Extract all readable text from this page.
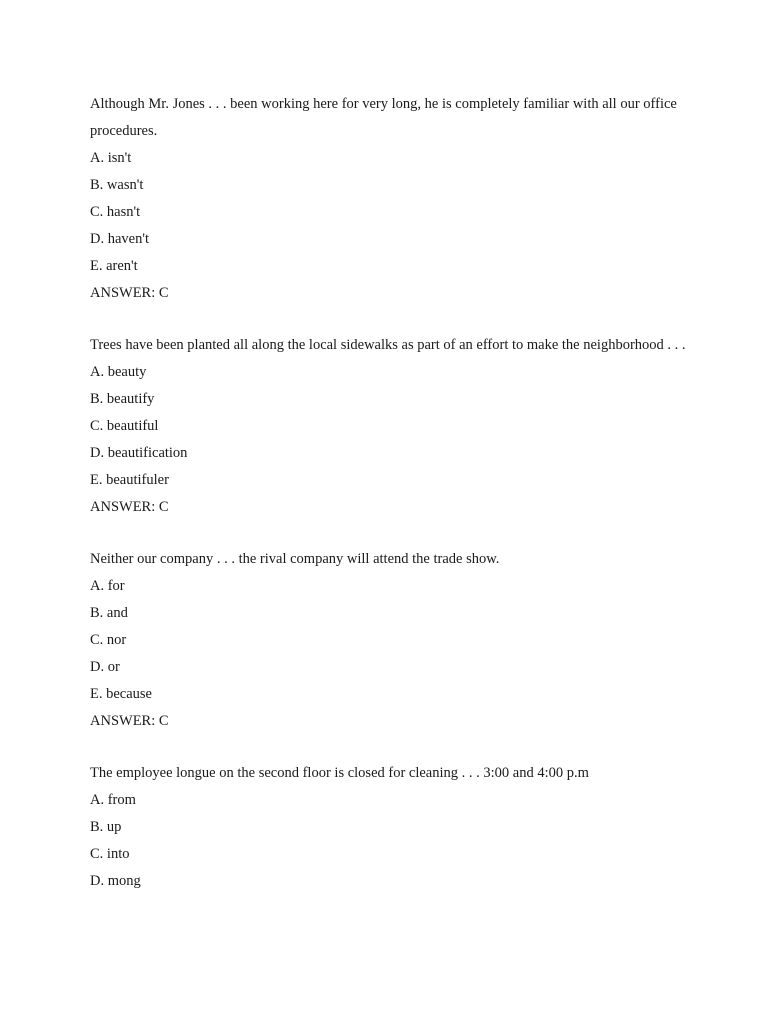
Although Mr. Jones . . . been working here for very long, he is completely familiar with all our office procedures.

A. isn't

B. wasn't

C. hasn't

D. haven't

E. aren't

ANSWER: C

Trees have been planted all along the local sidewalks as part of an effort to make the neighborhood . . .

A. beauty

B. beautify

C. beautiful

D. beautification

E. beautifuler

ANSWER: C

Neither our company . . . the rival company will attend the trade show.

A. for

B. and

C. nor

D. or

E. because

ANSWER: C

The employee longue on the second floor is closed for cleaning . . . 3:00 and 4:00 p.m

A. from

B. up

C. into

D. mong
